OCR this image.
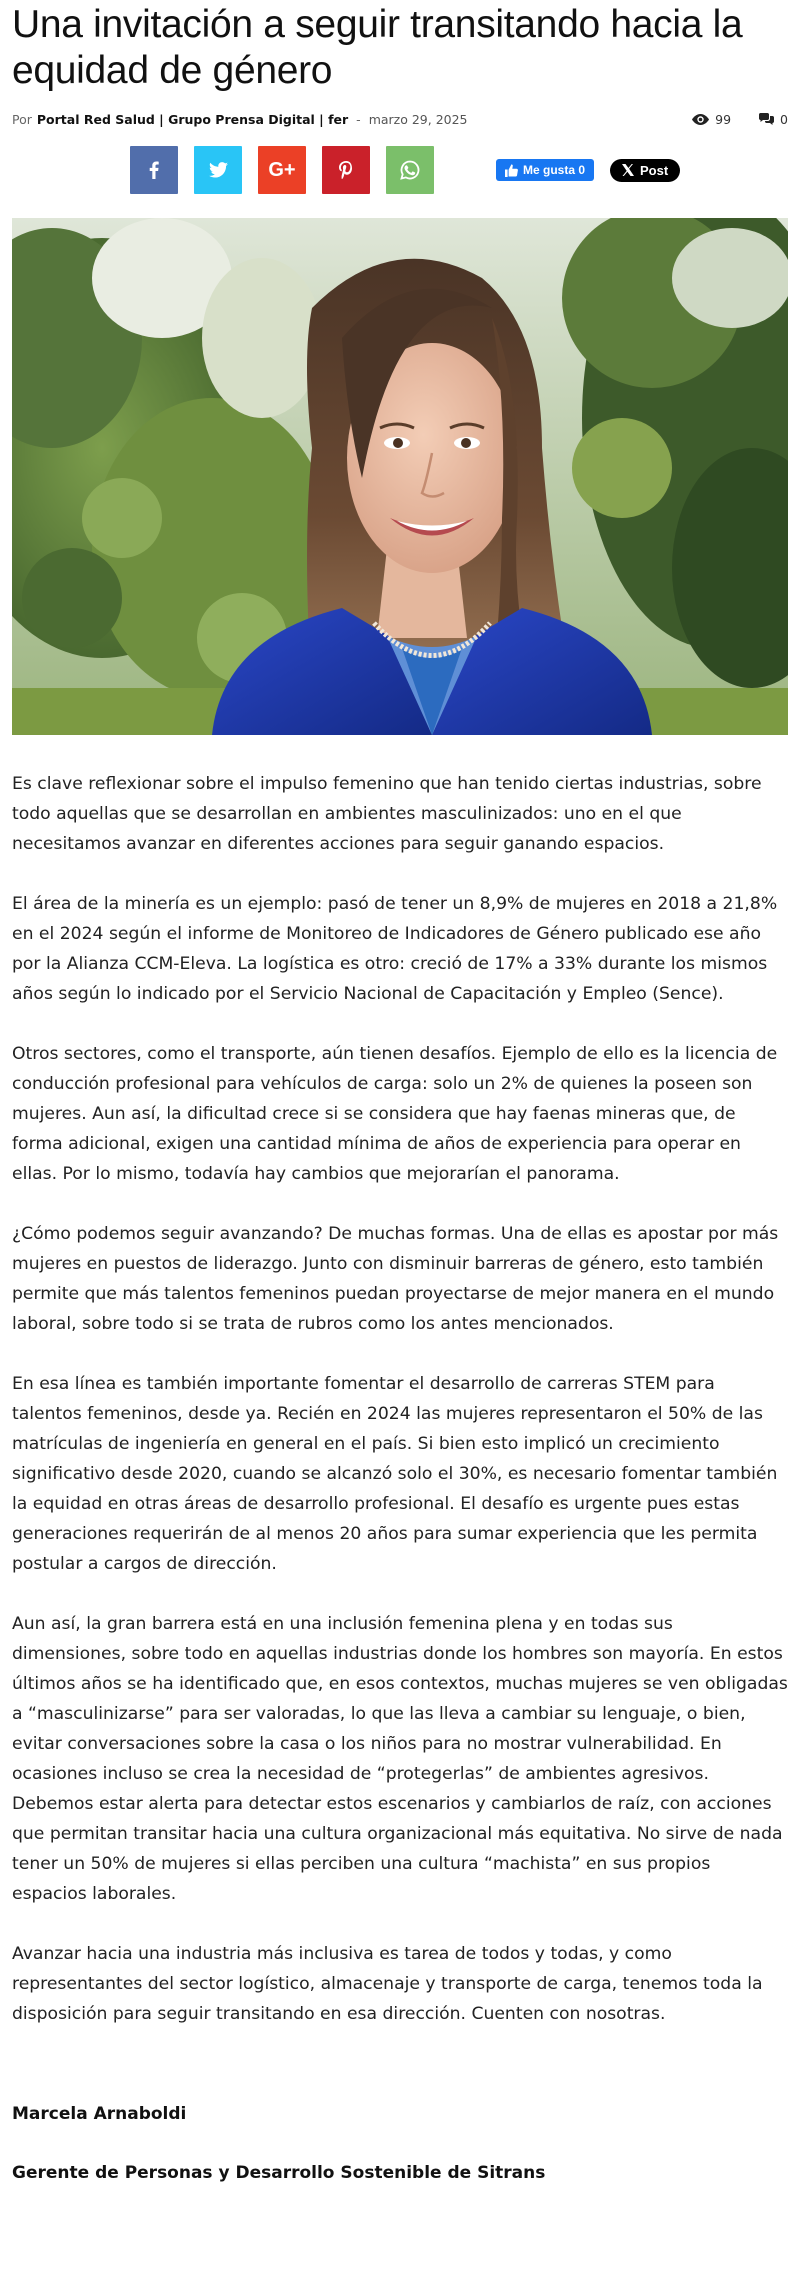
Una invitación a seguir transitando hacia la equidad de género
Por Portal Red Salud | Grupo Prensa Digital | fer - marzo 29, 2025	99	0
G+	Me gusta 0	Post

Es clave reflexionar sobre el impulso femenino que han tenido ciertas industrias, sobre todo aquellas que se desarrollan en ambientes masculinizados: uno en el que necesitamos avanzar en diferentes acciones para seguir ganando espacios.

El área de la minería es un ejemplo: pasó de tener un 8,9% de mujeres en 2018 a 21,8% en el 2024 según el informe de Monitoreo de Indicadores de Género publicado ese año por la Alianza CCM-Eleva. La logística es otro: creció de 17% a 33% durante los mismos años según lo indicado por el Servicio Nacional de Capacitación y Empleo (Sence).

Otros sectores, como el transporte, aún tienen desafíos. Ejemplo de ello es la licencia de conducción profesional para vehículos de carga: solo un 2% de quienes la poseen son mujeres. Aun así, la dificultad crece si se considera que hay faenas mineras que, de forma adicional, exigen una cantidad mínima de años de experiencia para operar en ellas. Por lo mismo, todavía hay cambios que mejorarían el panorama.

¿Cómo podemos seguir avanzando? De muchas formas. Una de ellas es apostar por más mujeres en puestos de liderazgo. Junto con disminuir barreras de género, esto también permite que más talentos femeninos puedan proyectarse de mejor manera en el mundo laboral, sobre todo si se trata de rubros como los antes mencionados.

En esa línea es también importante fomentar el desarrollo de carreras STEM para talentos femeninos, desde ya. Recién en 2024 las mujeres representaron el 50% de las matrículas de ingeniería en general en el país. Si bien esto implicó un crecimiento significativo desde 2020, cuando se alcanzó solo el 30%, es necesario fomentar también la equidad en otras áreas de desarrollo profesional. El desafío es urgente pues estas generaciones requerirán de al menos 20 años para sumar experiencia que les permita postular a cargos de dirección.

Aun así, la gran barrera está en una inclusión femenina plena y en todas sus dimensiones, sobre todo en aquellas industrias donde los hombres son mayoría. En estos últimos años se ha identificado que, en esos contextos, muchas mujeres se ven obligadas a “masculinizarse” para ser valoradas, lo que las lleva a cambiar su lenguaje, o bien, evitar conversaciones sobre la casa o los niños para no mostrar vulnerabilidad. En ocasiones incluso se crea la necesidad de “protegerlas” de ambientes agresivos. Debemos estar alerta para detectar estos escenarios y cambiarlos de raíz, con acciones que permitan transitar hacia una cultura organizacional más equitativa. No sirve de nada tener un 50% de mujeres si ellas perciben una cultura “machista” en sus propios espacios laborales.

Avanzar hacia una industria más inclusiva es tarea de todos y todas, y como representantes del sector logístico, almacenaje y transporte de carga, tenemos toda la disposición para seguir transitando en esa dirección. Cuenten con nosotras.

Marcela Arnaboldi
Gerente de Personas y Desarrollo Sostenible de Sitrans
